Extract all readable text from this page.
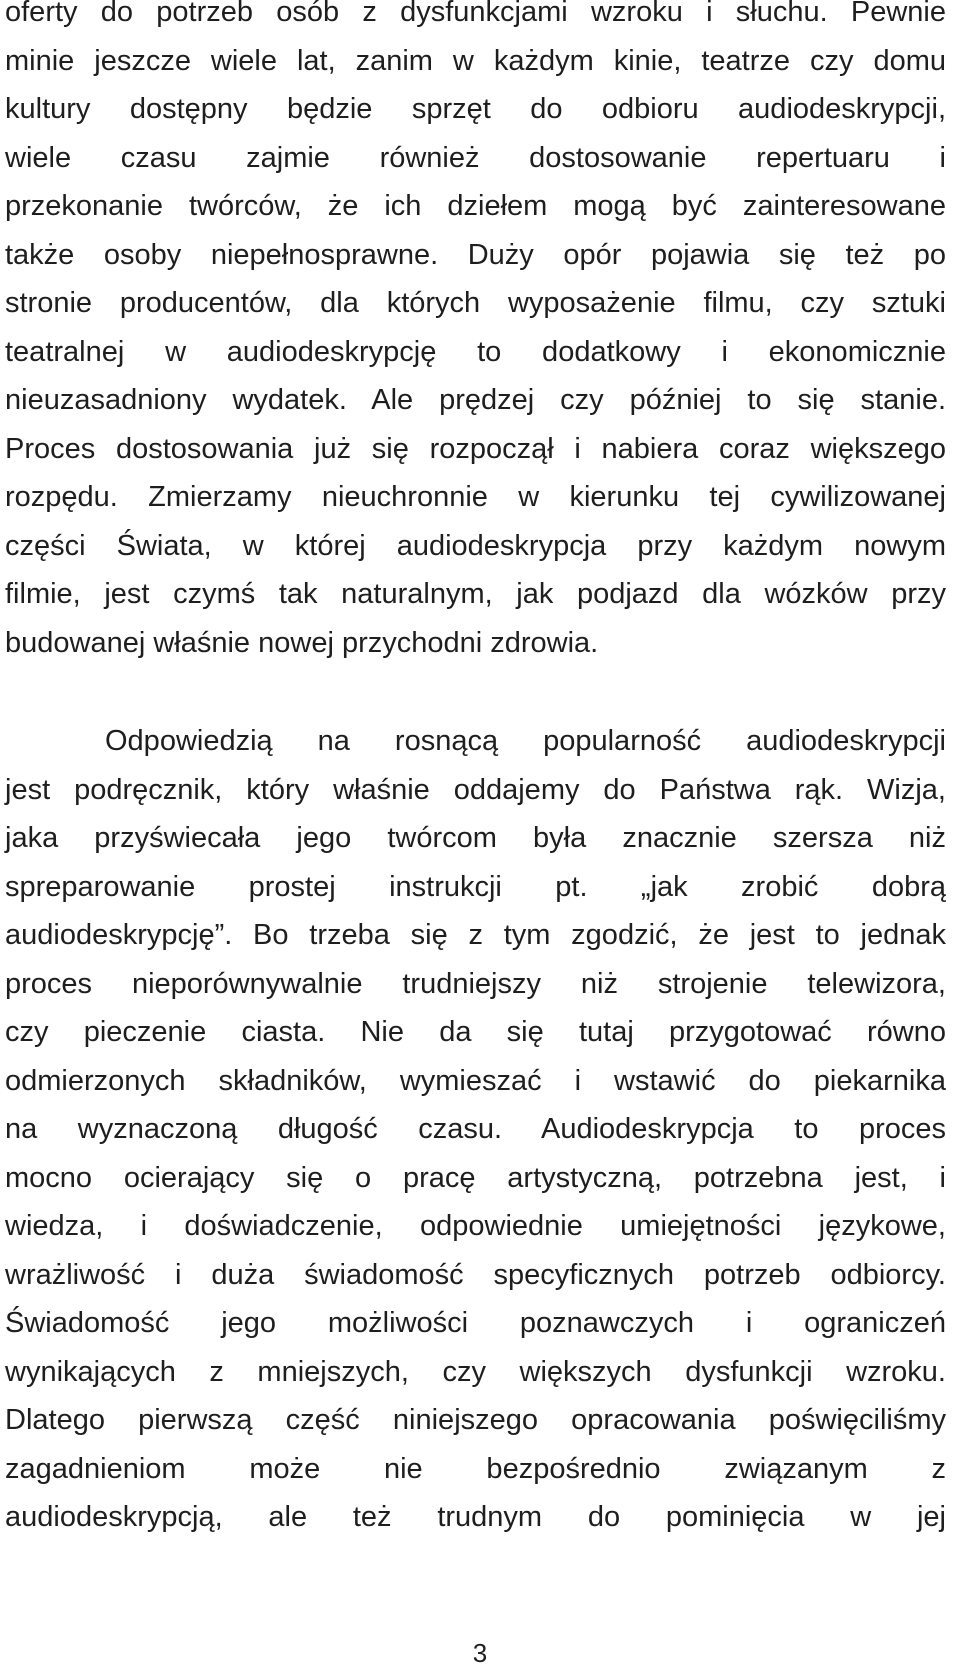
oferty do potrzeb osób z dysfunkcjami wzroku i słuchu. Pewnie
minie jeszcze wiele lat, zanim w każdym kinie, teatrze czy domu
kultury dostępny będzie sprzęt do odbioru audiodeskrypcji,
wiele czasu zajmie również dostosowanie repertuaru i
przekonanie twórców, że ich dziełem mogą być zainteresowane
także osoby niepełnosprawne. Duży opór pojawia się też po
stronie producentów, dla których wyposażenie filmu, czy sztuki
teatralnej w audiodeskrypcję to dodatkowy i ekonomicznie
nieuzasadniony wydatek. Ale prędzej czy później to się stanie.
Proces dostosowania już się rozpoczął i nabiera coraz większego
rozpędu. Zmierzamy nieuchronnie w kierunku tej cywilizowanej
części Świata, w której audiodeskrypcja przy każdym nowym
filmie, jest czymś tak naturalnym, jak podjazd dla wózków przy
budowanej właśnie nowej przychodni zdrowia.
Odpowiedzią na rosnącą popularność audiodeskrypcji
jest podręcznik, który właśnie oddajemy do Państwa rąk. Wizja,
jaka przyświecała jego twórcom była znacznie szersza niż
spreparowanie prostej instrukcji pt. „jak zrobić dobrą
audiodeskrypcję”. Bo trzeba się z tym zgodzić, że jest to jednak
proces nieporównywalnie trudniejszy niż strojenie telewizora,
czy pieczenie ciasta. Nie da się tutaj przygotować równo
odmierzonych składników, wymieszać i wstawić do piekarnika
na wyznaczoną długość czasu. Audiodeskrypcja to proces
mocno ocierający się o pracę artystyczną, potrzebna jest, i
wiedza, i doświadczenie, odpowiednie umiejętności językowe,
wrażliwość i duża świadomość specyficznych potrzeb odbiorcy.
Świadomość jego możliwości poznawczych i ograniczeń
wynikających z mniejszych, czy większych dysfunkcji wzroku.
Dlatego pierwszą część niniejszego opracowania poświęciliśmy
zagadnieniom może nie bezpośrednio związanym z
audiodeskrypcją, ale też trudnym do pominięcia w jej
3
